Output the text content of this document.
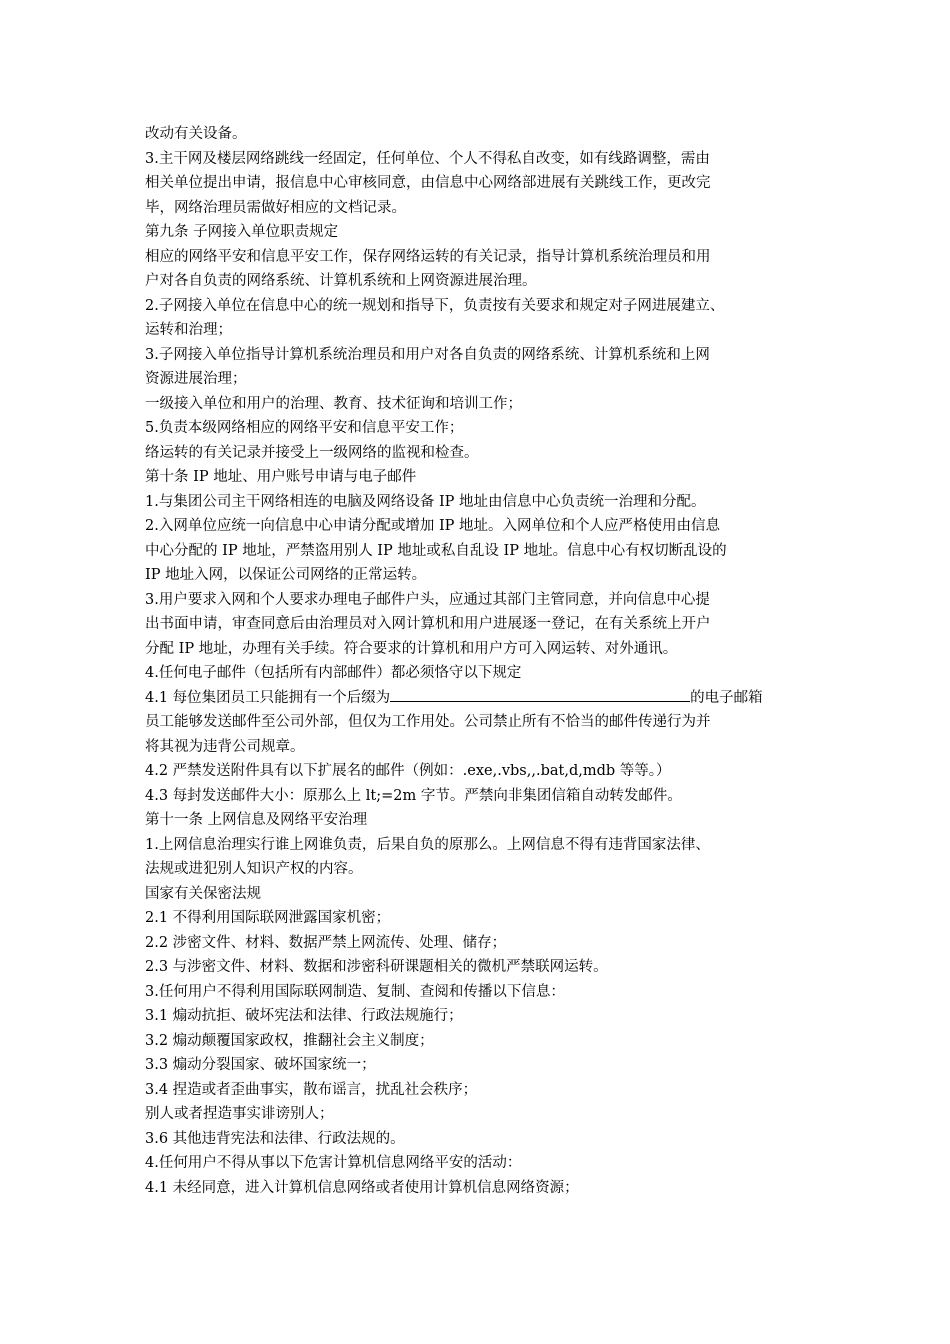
改动有关设备。
3.主干网及楼层网络跳线一经固定，任何单位、个人不得私自改变，如有线路调整，需由
相关单位提出申请，报信息中心审核同意，由信息中心网络部进展有关跳线工作，更改完
毕，网络治理员需做好相应的文档记录。
第九条 子网接入单位职责规定
相应的网络平安和信息平安工作，保存网络运转的有关记录，指导计算机系统治理员和用
户对各自负责的网络系统、计算机系统和上网资源进展治理。
2.子网接入单位在信息中心的统一规划和指导下，负责按有关要求和规定对子网进展建立、
运转和治理；
3.子网接入单位指导计算机系统治理员和用户对各自负责的网络系统、计算机系统和上网
资源进展治理；
一级接入单位和用户的治理、教育、技术征询和培训工作；
5.负责本级网络相应的网络平安和信息平安工作；
络运转的有关记录并接受上一级网络的监视和检查。
第十条 IP 地址、用户账号申请与电子邮件
1.与集团公司主干网络相连的电脑及网络设备 IP 地址由信息中心负责统一治理和分配。
2.入网单位应统一向信息中心申请分配或增加 IP 地址。入网单位和个人应严格使用由信息
中心分配的 IP 地址，严禁盗用别人 IP 地址或私自乱设 IP 地址。信息中心有权切断乱设的
IP 地址入网，以保证公司网络的正常运转。
3.用户要求入网和个人要求办理电子邮件户头，应通过其部门主管同意，并向信息中心提
出书面申请，审查同意后由治理员对入网计算机和用户进展逐一登记，在有关系统上开户
分配 IP 地址，办理有关手续。符合要求的计算机和用户方可入网运转、对外通讯。
4.任何电子邮件（包括所有内部邮件）都必须恪守以下规定
4.1 每位集团员工只能拥有一个后缀为	的电子邮箱
员工能够发送邮件至公司外部，但仅为工作用处。公司禁止所有不恰当的邮件传递行为并
将其视为违背公司规章。
4.2 严禁发送附件具有以下扩展名的邮件（例如：.exe,.vbs,,.bat,d,mdb 等等。）
4.3 每封发送邮件大小：原那么上 lt;=2m 字节。严禁向非集团信箱自动转发邮件。
第十一条 上网信息及网络平安治理
1.上网信息治理实行谁上网谁负责，后果自负的原那么。上网信息不得有违背国家法律、
法规或进犯别人知识产权的内容。
国家有关保密法规
2.1 不得利用国际联网泄露国家机密；
2.2 涉密文件、材料、数据严禁上网流传、处理、储存；
2.3 与涉密文件、材料、数据和涉密科研课题相关的微机严禁联网运转。
3.任何用户不得利用国际联网制造、复制、查阅和传播以下信息：
3.1 煽动抗拒、破坏宪法和法律、行政法规施行；
3.2 煽动颠覆国家政权，推翻社会主义制度；
3.3 煽动分裂国家、破坏国家统一；
3.4 捏造或者歪曲事实，散布谣言，扰乱社会秩序；
别人或者捏造事实诽谤别人；
3.6 其他违背宪法和法律、行政法规的。
4.任何用户不得从事以下危害计算机信息网络平安的活动：
4.1 未经同意，进入计算机信息网络或者使用计算机信息网络资源；
